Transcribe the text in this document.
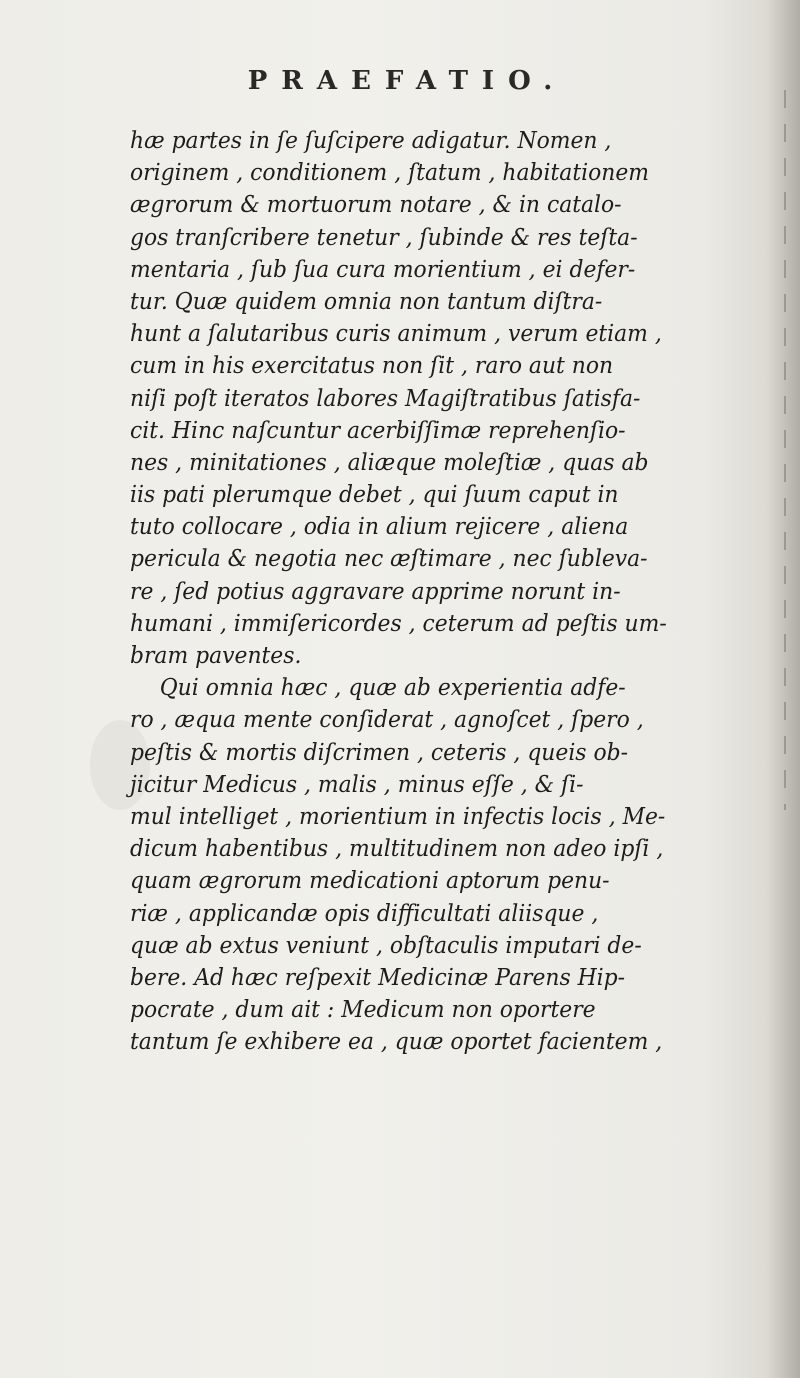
PRAEFATIO.
hæ partes in ſe ſuſcipere adigatur. Nomen ,
originem , conditionem , ſtatum , habitationem
ægrorum & mortuorum notare , & in catalo-
gos tranſcribere tenetur , ſubinde & res teſta-
mentaria , ſub ſua cura morientium , ei defer-
tur. Quæ quidem omnia non tantum diſtra-
hunt a ſalutaribus curis animum , verum etiam ,
cum in his exercitatus non ſit , raro aut non
niſi poſt iteratos labores Magiſtratibus ſatisfa-
cit. Hinc naſcuntur acerbiſſimæ reprehenſio-
nes , minitationes , aliæque moleſtiæ , quas ab
iis pati plerumque debet , qui ſuum caput in
tuto collocare , odia in alium rejicere , aliena
pericula & negotia nec æſtimare , nec ſubleva-
re , ſed potius aggravare apprime norunt in-
humani , immiſericordes , ceterum ad peſtis um-
bram paventes.
Qui omnia hæc , quæ ab experientia adfe-
ro , æqua mente conſiderat , agnoſcet , ſpero ,
peſtis & mortis diſcrimen , ceteris , queis ob-
jicitur Medicus , malis , minus eſſe , & ſi-
mul intelliget , morientium in infectis locis , Me-
dicum habentibus , multitudinem non adeo ipſi ,
quam ægrorum medicationi aptorum penu-
riæ , applicandæ opis difficultati aliisque ,
quæ ab extus veniunt , obſtaculis imputari de-
bere. Ad hæc reſpexit Medicinæ Parens Hip-
pocrate , dum ait : Medicum non oportere
tantum ſe exhibere ea , quæ oportet facientem ,
